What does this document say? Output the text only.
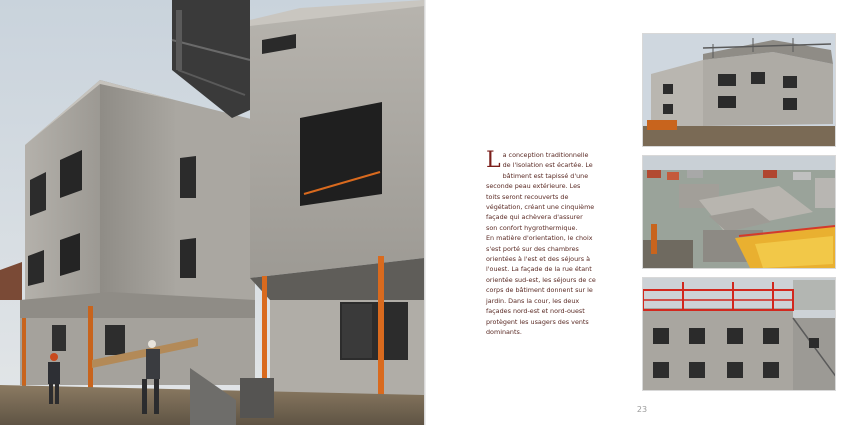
La conception traditionnelle de l'isolation est écartée. Le bâtiment est tapissé d'une seconde peau extérieure. Les toits seront recouverts de végétation, créant une cinquième façade qui achèvera d'assurer son confort hygrothermique.

En matière d'orientation, le choix s'est porté sur des chambres orientées à l'est et des séjours à l'ouest. La façade de la rue étant orientée sud-est, les séjours de ce corps de bâtiment donnent sur le jardin. Dans la cour, les deux façades nord-est et nord-ouest protègent les usagers des vents dominants.

23
